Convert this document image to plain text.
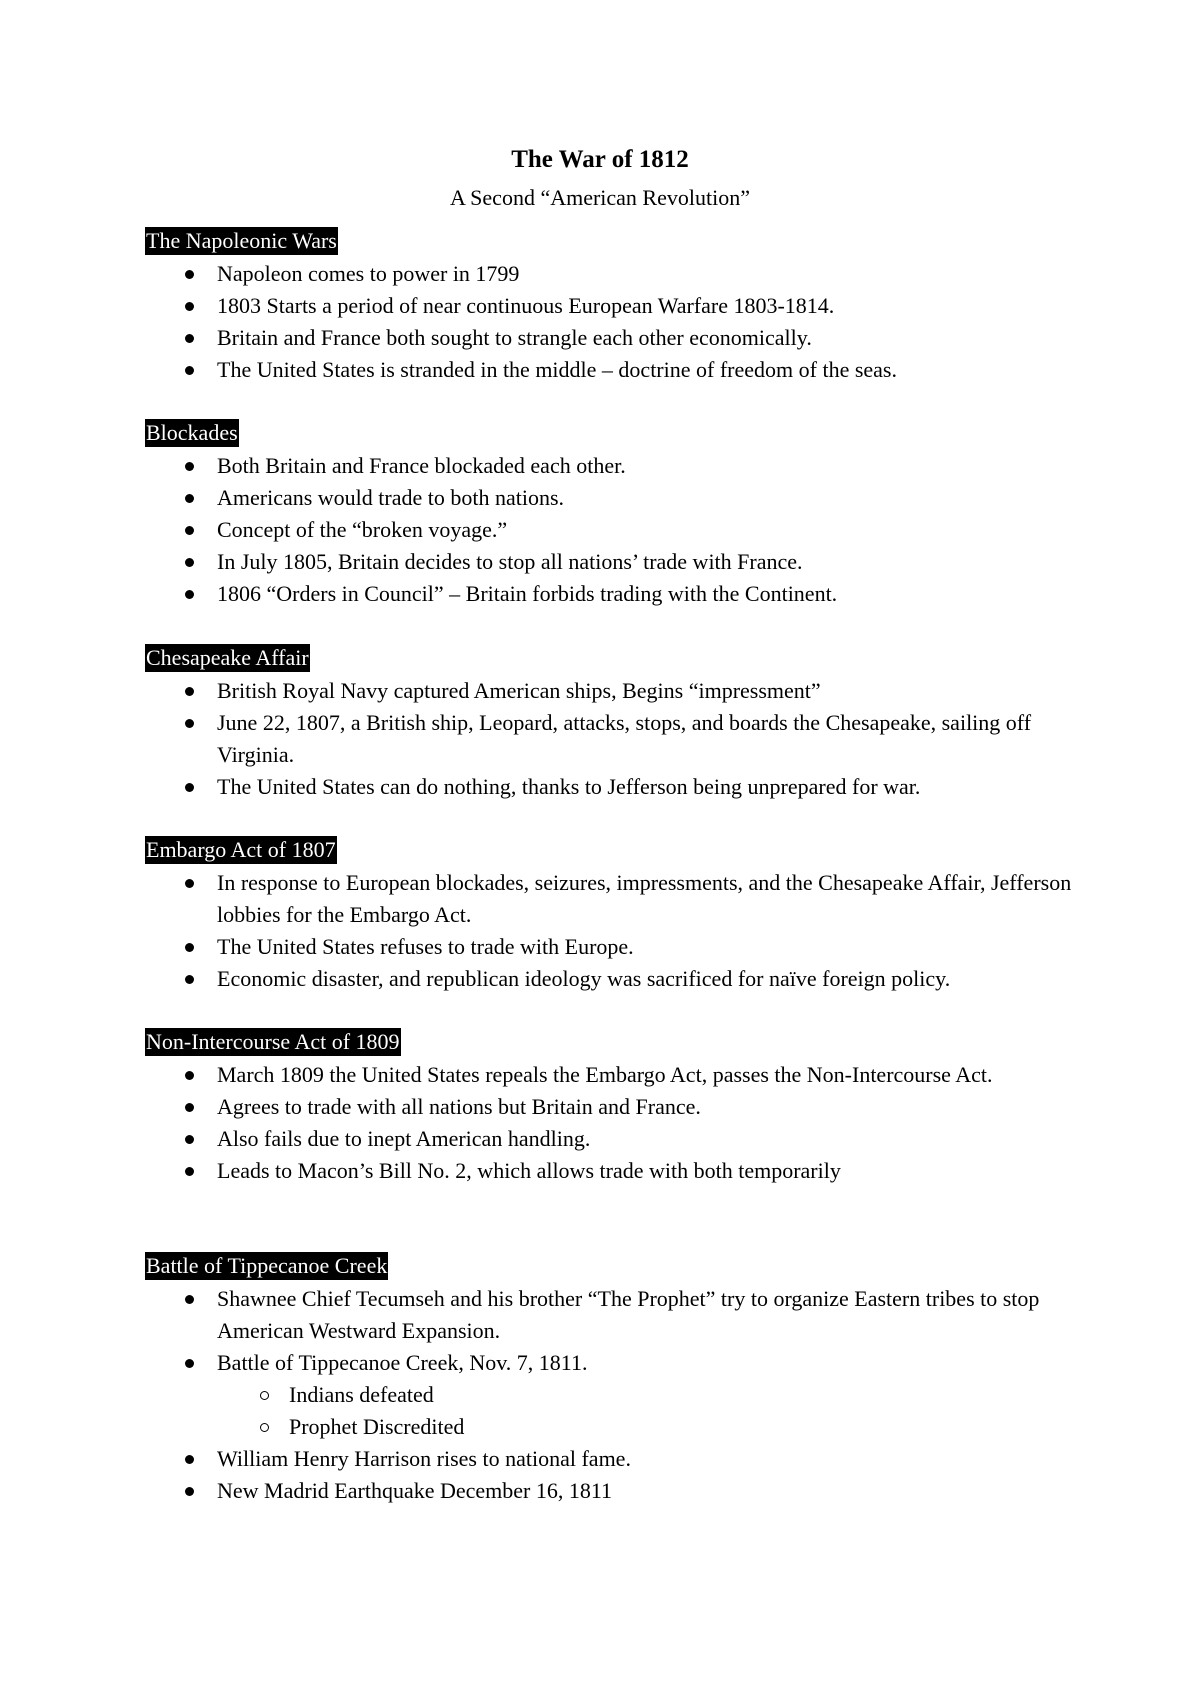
The War of 1812
A Second “American Revolution”
The Napoleonic Wars
Napoleon comes to power in 1799
1803 Starts a period of near continuous European Warfare 1803-1814.
Britain and France both sought to strangle each other economically.
The United States is stranded in the middle – doctrine of freedom of the seas.
Blockades
Both Britain and France blockaded each other.
Americans would trade to both nations.
Concept of the “broken voyage.”
In July 1805, Britain decides to stop all nations’ trade with France.
1806 “Orders in Council” – Britain forbids trading with the Continent.
Chesapeake Affair
British Royal Navy captured American ships, Begins “impressment”
June 22, 1807, a British ship, Leopard, attacks, stops, and boards the Chesapeake, sailing off Virginia.
The United States can do nothing, thanks to Jefferson being unprepared for war.
Embargo Act of 1807
In response to European blockades, seizures, impressments, and the Chesapeake Affair, Jefferson lobbies for the Embargo Act.
The United States refuses to trade with Europe.
Economic disaster, and republican ideology was sacrificed for naïve foreign policy.
Non-Intercourse Act of 1809
March 1809 the United States repeals the Embargo Act, passes the Non-Intercourse Act.
Agrees to trade with all nations but Britain and France.
Also fails due to inept American handling.
Leads to Macon’s Bill No. 2, which allows trade with both temporarily
Battle of Tippecanoe Creek
Shawnee Chief Tecumseh and his brother “The Prophet” try to organize Eastern tribes to stop American Westward Expansion.
Battle of Tippecanoe Creek, Nov. 7, 1811.
Indians defeated
Prophet Discredited
William Henry Harrison rises to national fame.
New Madrid Earthquake December 16, 1811
